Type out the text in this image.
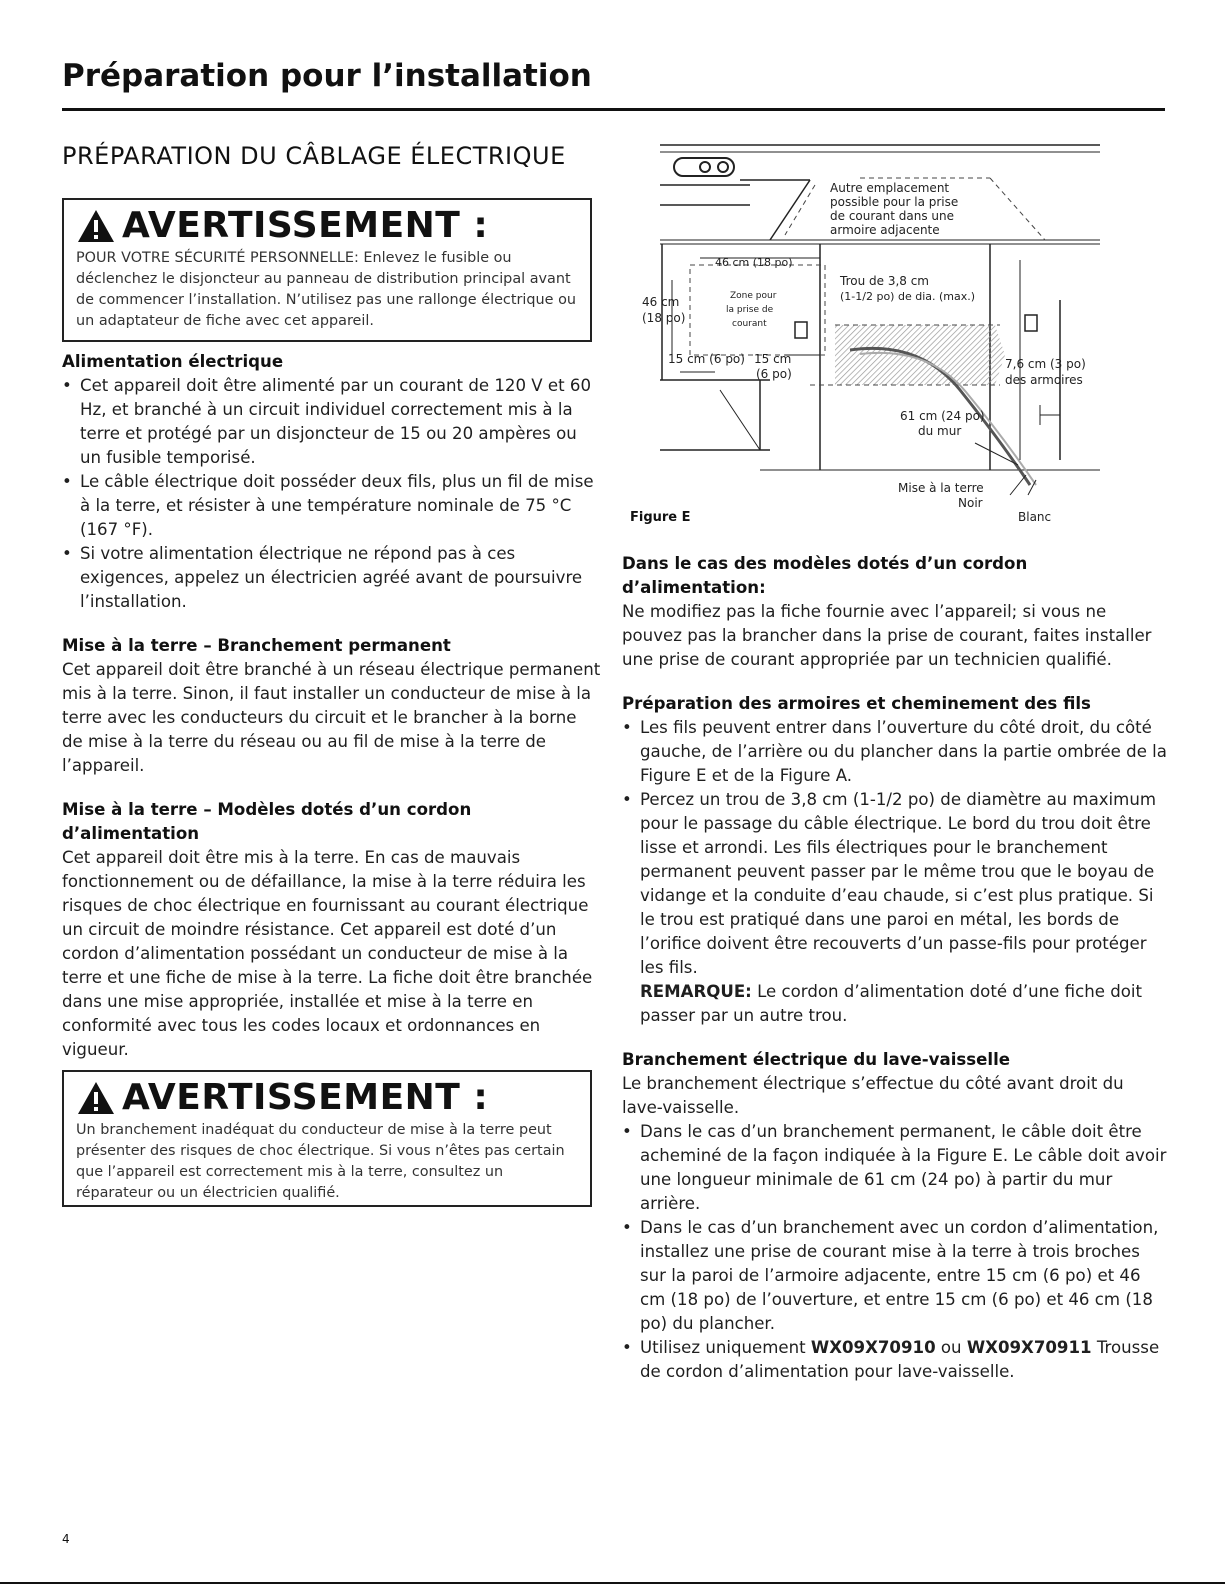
Préparation pour l’installation
PRÉPARATION DU CÂBLAGE ÉLECTRIQUE
AVERTISSEMENT :
POUR VOTRE SÉCURITÉ PERSONNELLE: Enlevez le fusible ou déclenchez le disjoncteur au panneau de distribution principal avant de commencer l’installation. N’utilisez pas une rallonge électrique ou un adaptateur de fiche avec cet appareil.
Alimentation électrique
• Cet appareil doit être alimenté par un courant de 120 V et 60 Hz, et branché à un circuit individuel correctement mis à la terre et protégé par un disjoncteur de 15 ou 20 ampères ou un fusible temporisé.
• Le câble électrique doit posséder deux fils, plus un fil de mise à la terre, et résister à une température nominale de 75 °C (167 °F).
• Si votre alimentation électrique ne répond pas à ces exigences, appelez un électricien agréé avant de poursuivre l’installation.
Mise à la terre – Branchement permanent

Cet appareil doit être branché à un réseau électrique permanent mis à la terre. Sinon, il faut installer un conducteur de mise à la terre avec les conducteurs du circuit et le brancher à la borne de mise à la terre du réseau ou au fil de mise à la terre de l’appareil.

Mise à la terre – Modèles dotés d’un cordon d’alimentation

Cet appareil doit être mis à la terre. En cas de mauvais fonctionnement ou de défaillance, la mise à la terre réduira les risques de choc électrique en fournissant au courant électrique un circuit de moindre résistance. Cet appareil est doté d’un cordon d’alimentation possédant un conducteur de mise à la terre et une fiche de mise à la terre. La fiche doit être branchée dans une mise appropriée, installée et mise à la terre en conformité avec tous les codes locaux et ordonnances en vigueur.

AVERTISSEMENT :
Un branchement inadéquat du conducteur de mise à la terre peut présenter des risques de choc électrique. Si vous n’êtes pas certain que l’appareil est correctement mis à la terre, consultez un réparateur ou un électricien qualifié.
Autre emplacement
possible pour la prise
de courant dans une
armoire adjacente
46 cm (18 po)
46 cm
(18 po)
Zone pour
la prise de
courant
Trou de 3,8 cm
(1-1/2 po) de dia. (max.)
15 cm (6 po) 15 cm
(6 po)
7,6 cm (3 po)
des armoires
61 cm (24 po)
du mur
Mise à la terre
Noir
Blanc
Figure E
Dans le cas des modèles dotés d’un cordon d’alimentation:

Ne modifiez pas la fiche fournie avec l’appareil; si vous ne pouvez pas la brancher dans la prise de courant, faites installer une prise de courant appropriée par un technicien qualifié.

Préparation des armoires et cheminement des fils
• Les fils peuvent entrer dans l’ouverture du côté droit, du côté gauche, de l’arrière ou du plancher dans la partie ombrée de la Figure E et de la Figure A.
• Percez un trou de 3,8 cm (1-1/2 po) de diamètre au maximum pour le passage du câble électrique. Le bord du trou doit être lisse et arrondi. Les fils électriques pour le branchement permanent peuvent passer par le même trou que le boyau de vidange et la conduite d’eau chaude, si c’est plus pratique. Si le trou est pratiqué dans une paroi en métal, les bords de l’orifice doivent être recouverts d’un passe-fils pour protéger les fils.
REMARQUE: Le cordon d’alimentation doté d’une fiche doit passer par un autre trou.
Branchement électrique du lave-vaisselle

Le branchement électrique s’effectue du côté avant droit du lave-vaisselle.

• Dans le cas d’un branchement permanent, le câble doit être acheminé de la façon indiquée à la Figure E. Le câble doit avoir une longueur minimale de 61 cm (24 po) à partir du mur arrière.
• Dans le cas d’un branchement avec un cordon d’alimentation, installez une prise de courant mise à la terre à trois broches sur la paroi de l’armoire adjacente, entre 15 cm (6 po) et 46 cm (18 po) de l’ouverture, et entre 15 cm (6 po) et 46 cm (18 po) du plancher.
• Utilisez uniquement WX09X70910 ou WX09X70911 Trousse de cordon d’alimentation pour lave-vaisselle.
4
